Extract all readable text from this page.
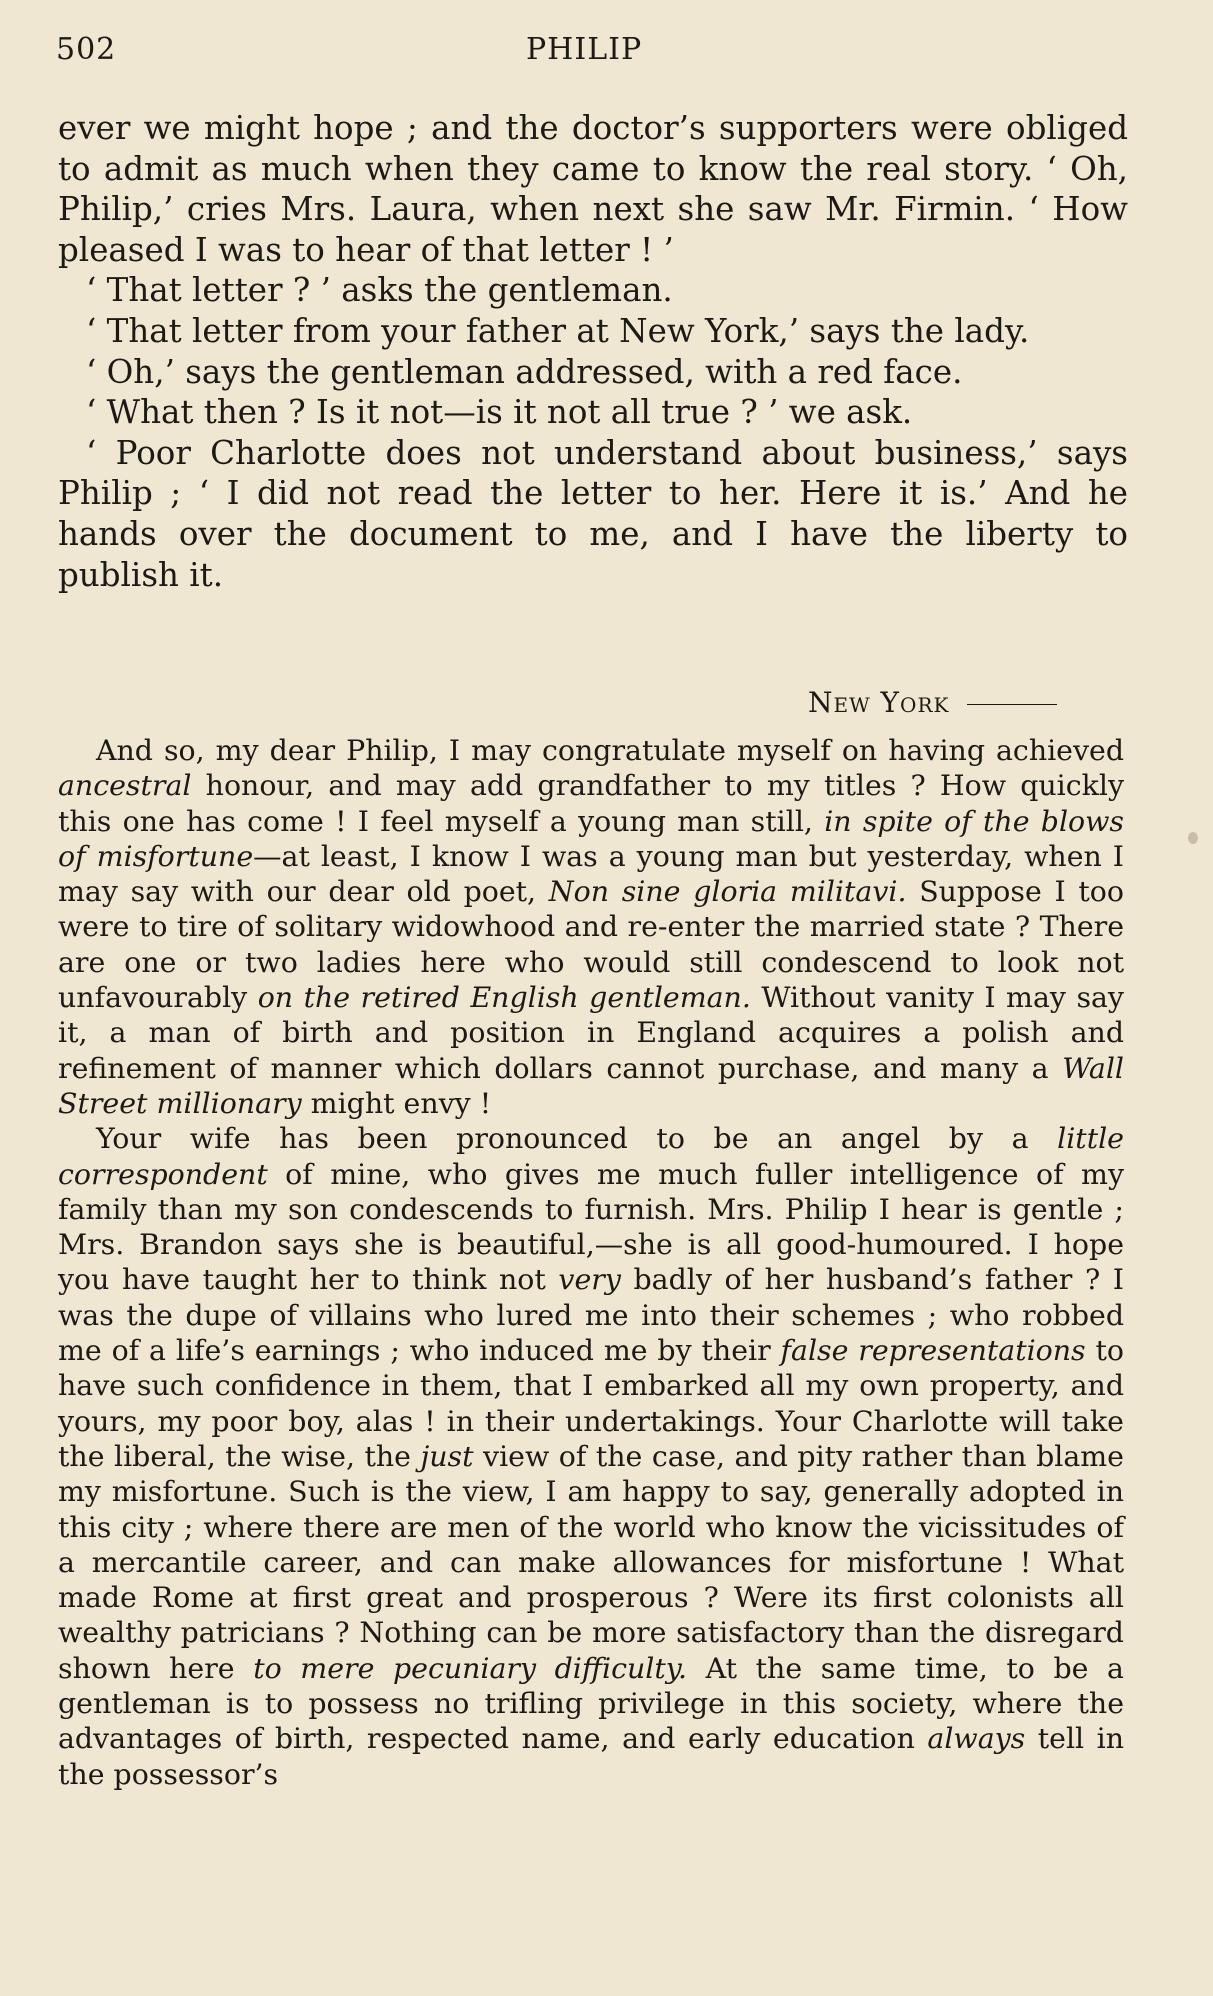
502	PHILIP

ever we might hope ; and the doctor’s supporters were obliged to admit as much when they came to know the real story. ‘ Oh, Philip,’ cries Mrs. Laura, when next she saw Mr. Firmin. ‘ How pleased I was to hear of that letter ! ’

‘ That letter ? ’ asks the gentleman.

‘ That letter from your father at New York,’ says the lady.

‘ Oh,’ says the gentleman addressed, with a red face.

‘ What then ? Is it not—is it not all true ? ’ we ask.

‘ Poor Charlotte does not understand about business,’ says Philip ; ‘ I did not read the letter to her. Here it is.’ And he hands over the document to me, and I have the liberty to publish it.

New York

And so, my dear Philip, I may congratulate myself on having achieved ancestral honour, and may add grandfather to my titles ? How quickly this one has come ! I feel myself a young man still, in spite of the blows of misfortune—at least, I know I was a young man but yesterday, when I may say with our dear old poet, Non sine gloria militavi. Suppose I too were to tire of solitary widowhood and re-enter the married state ? There are one or two ladies here who would still condescend to look not unfavourably on the retired English gentleman. Without vanity I may say it, a man of birth and position in England acquires a polish and refinement of manner which dollars cannot purchase, and many a Wall Street millionary might envy !

Your wife has been pronounced to be an angel by a little correspondent of mine, who gives me much fuller intelligence of my family than my son condescends to furnish. Mrs. Philip I hear is gentle ; Mrs. Brandon says she is beautiful,—she is all good-humoured. I hope you have taught her to think not very badly of her husband’s father ? I was the dupe of villains who lured me into their schemes ; who robbed me of a life’s earnings ; who induced me by their false representations to have such confidence in them, that I embarked all my own property, and yours, my poor boy, alas ! in their undertakings. Your Charlotte will take the liberal, the wise, the just view of the case, and pity rather than blame my misfortune. Such is the view, I am happy to say, generally adopted in this city ; where there are men of the world who know the vicissitudes of a mercantile career, and can make allowances for misfortune ! What made Rome at first great and prosperous ? Were its first colonists all wealthy patricians ? Nothing can be more satisfactory than the disregard shown here to mere pecuniary difficulty. At the same time, to be a gentleman is to possess no trifling privilege in this society, where the advantages of birth, respected name, and early education always tell in the possessor’s
